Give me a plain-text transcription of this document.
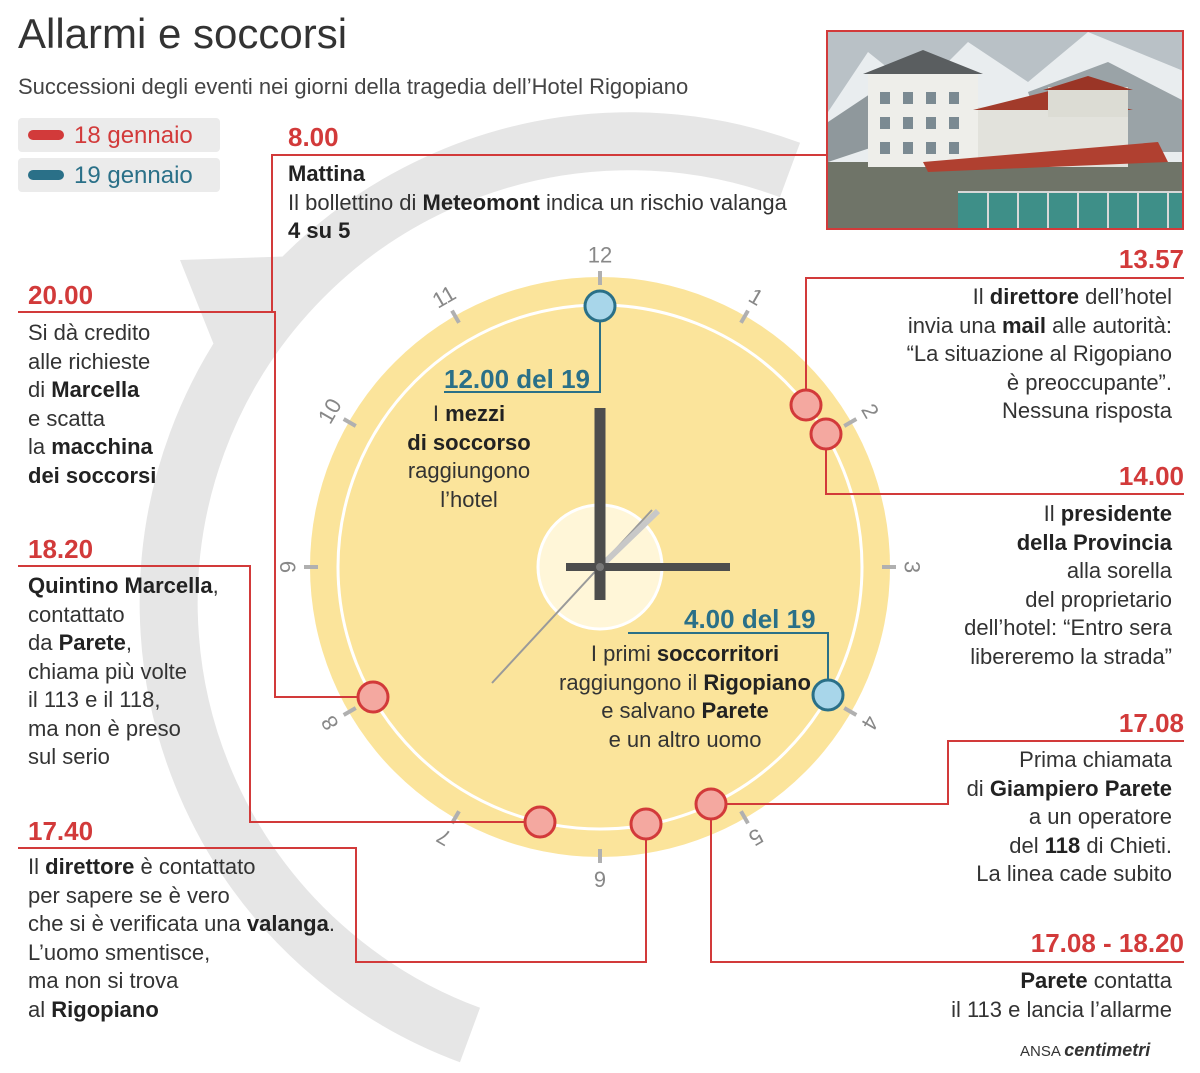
12
1
2
3
4
5
6
7
8
9
10
11
Allarmi e soccorsi
Successioni degli eventi nei giorni della tragedia dell’Hotel Rigopiano
18 gennaio
19 gennaio
8.00
Mattina
Il bollettino di Meteomont indica un rischio valanga
4 su 5
13.57
Il direttore dell’hotel
invia una mail alle autorità:
“La situazione al Rigopiano
è preoccupante”.
Nessuna risposta
14.00
Il presidente
della Provincia
alla sorella
del proprietario
dell’hotel: “Entro sera
libereremo la strada”
17.08
Prima chiamata
di Giampiero Parete
a un operatore
del 118 di Chieti.
La linea cade subito
17.08 - 18.20
Parete contatta
il 113 e lancia l’allarme
20.00
Si dà credito
alle richieste
di Marcella
e scatta
la macchina
dei soccorsi
18.20
Quintino Marcella,
contattato
da Parete,
chiama più volte
il 113 e il 118,
ma non è preso
sul serio
17.40
Il direttore è contattato
per sapere se è vero
che si è verificata una valanga.
L’uomo smentisce,
ma non si trova
al Rigopiano
12.00 del 19
I mezzi
di soccorso
raggiungono
l’hotel
4.00 del 19
I primi soccorritori
raggiungono il Rigopiano
e salvano Parete
e un altro uomo
ANSA centimetri
